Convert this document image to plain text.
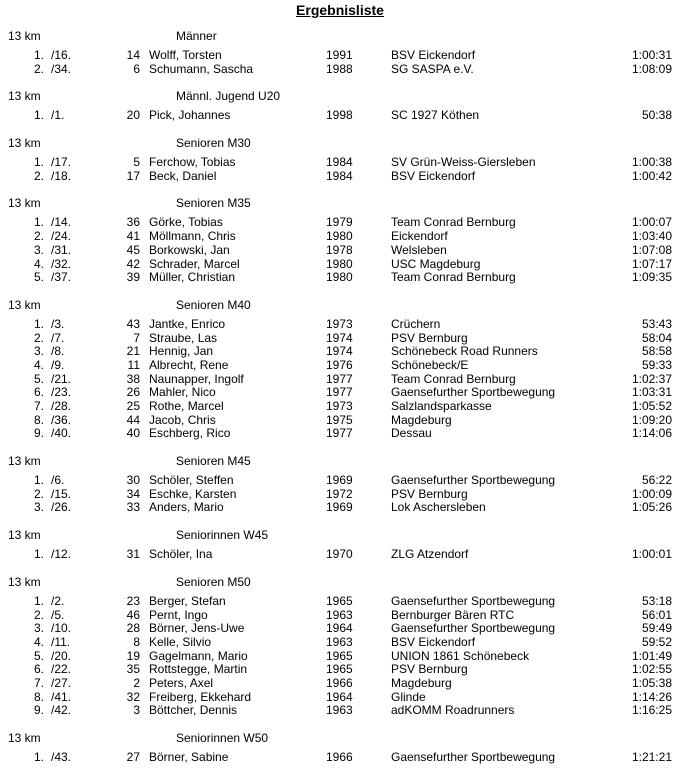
Ergebnisliste
13 km	Männer
1. /16.	14 Wolff, Torsten	1991	BSV Eickendorf	1:00:31
2. /34.	6 Schumann, Sascha	1988	SG SASPA e.V.	1:08:09
13 km	Männl. Jugend U20
1. /1.	20 Pick, Johannes	1998	SC 1927 Köthen	50:38
13 km	Senioren M30
1. /17.	5 Ferchow, Tobias	1984	SV Grün-Weiss-Giersleben	1:00:38
2. /18.	17 Beck, Daniel	1984	BSV Eickendorf	1:00:42
13 km	Senioren M35
1. /14.	36 Görke, Tobias	1979	Team Conrad Bernburg	1:00:07
2. /24.	41 Möllmann, Chris	1980	Eickendorf	1:03:40
3. /31.	45 Borkowski, Jan	1978	Welsleben	1:07:08
4. /32.	42 Schrader, Marcel	1980	USC Magdeburg	1:07:17
5. /37.	39 Müller, Christian	1980	Team Conrad Bernburg	1:09:35
13 km	Senioren M40
1. /3.	43 Jantke, Enrico	1973	Crüchern	53:43
2. /7.	7 Straube, Las	1974	PSV Bernburg	58:04
3. /8.	21 Hennig, Jan	1974	Schönebeck Road Runners	58:58
4. /9.	11 Albrecht, Rene	1976	Schönebeck/E	59:33
5. /21.	38 Naunapper, Ingolf	1977	Team Conrad Bernburg	1:02:37
6. /23.	26 Mahler, Nico	1977	Gaensefurther Sportbewegung	1:03:31
7. /28.	25 Rothe, Marcel	1973	Salzlandsparkasse	1:05:52
8. /36.	44 Jacob, Chris	1975	Magdeburg	1:09:20
9. /40.	40 Eschberg, Rico	1977	Dessau	1:14:06
13 km	Senioren M45
1. /6.	30 Schöler, Steffen	1969	Gaensefurther Sportbewegung	56:22
2. /15.	34 Eschke, Karsten	1972	PSV Bernburg	1:00:09
3. /26.	33 Anders, Mario	1969	Lok Aschersleben	1:05:26
13 km	Seniorinnen W45
1. /12.	31 Schöler, Ina	1970	ZLG Atzendorf	1:00:01
13 km	Senioren M50
1. /2.	23 Berger, Stefan	1965	Gaensefurther Sportbewegung	53:18
2. /5.	46 Pernt, Ingo	1963	Bernburger Bären RTC	56:01
3. /10.	28 Börner, Jens-Uwe	1964	Gaensefurther Sportbewegung	59:49
4. /11.	8 Kelle, Silvio	1963	BSV Eickendorf	59:52
5. /20.	19 Gagelmann, Mario	1965	UNION 1861 Schönebeck	1:01:49
6. /22.	35 Rottstegge, Martin	1965	PSV Bernburg	1:02:55
7. /27.	2 Peters, Axel	1966	Magdeburg	1:05:38
8. /41.	32 Freiberg, Ekkehard	1964	Glinde	1:14:26
9. /42.	3 Böttcher, Dennis	1963	adKOMM Roadrunners	1:16:25
13 km	Seniorinnen W50
1. /43.	27 Börner, Sabine	1966	Gaensefurther Sportbewegung	1:21:21
